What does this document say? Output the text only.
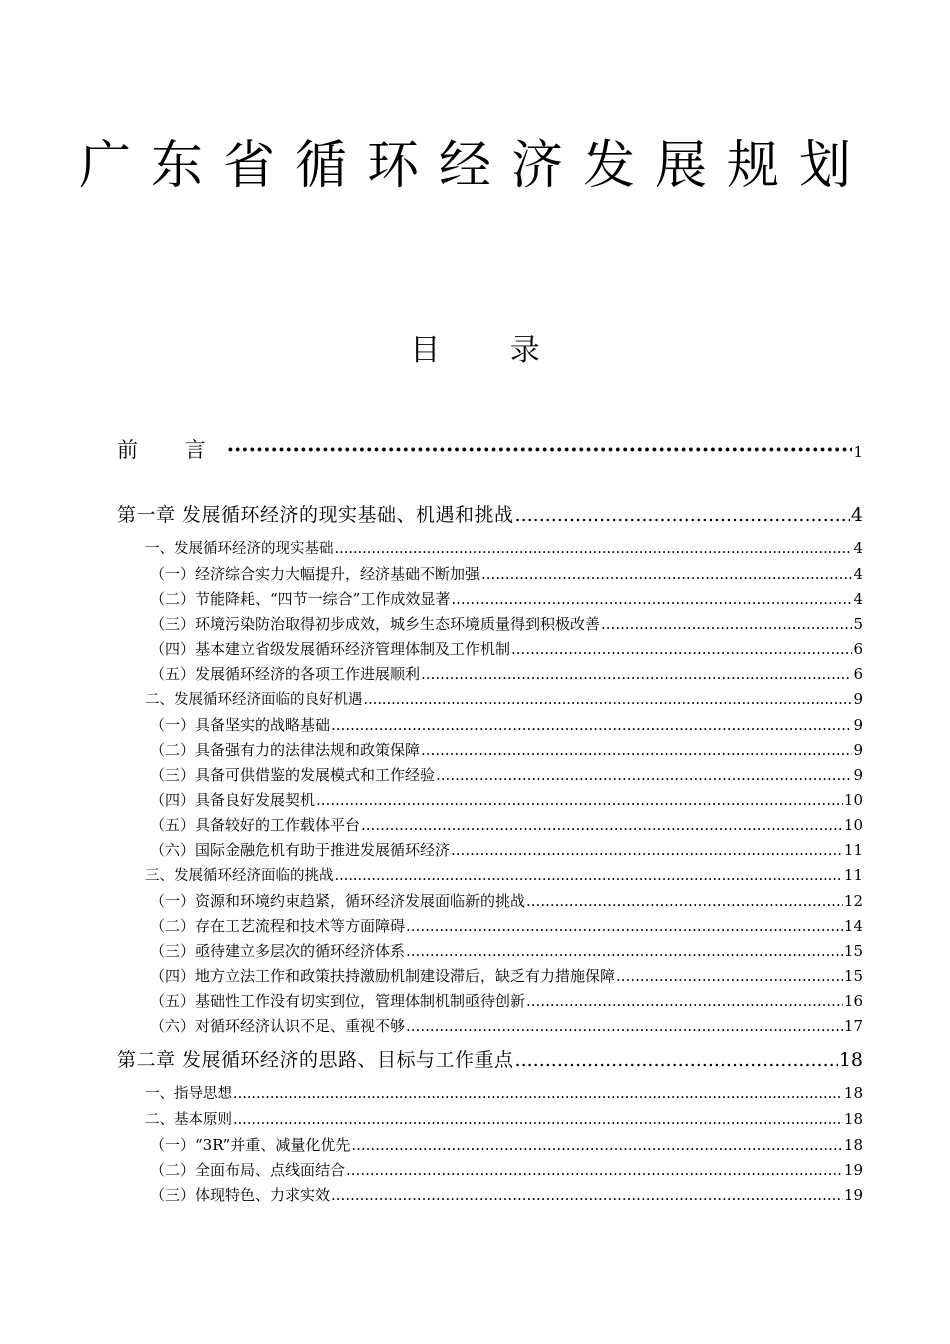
广东省循环经济发展规划
目 录
前 言 ·····	1
第一章 发展循环经济的现实基础、机遇和挑战 .....	4
一、发展循环经济的现实基础 .....	4
（一）经济综合实力大幅提升，经济基础不断加强 .....	4
（二）节能降耗、“四节一综合”工作成效显著 .....	4
（三）环境污染防治取得初步成效，城乡生态环境质量得到积极改善 .....	5
（四）基本建立省级发展循环经济管理体制及工作机制 .....	6
（五）发展循环经济的各项工作进展顺利 .....	6
二、发展循环经济面临的良好机遇 .....	9
（一）具备坚实的战略基础 .....	9
（二）具备强有力的法律法规和政策保障 .....	9
（三）具备可供借鉴的发展模式和工作经验 .....	9
（四）具备良好发展契机 .....	10
（五）具备较好的工作载体平台 .....	10
（六）国际金融危机有助于推进发展循环经济 .....	11
三、发展循环经济面临的挑战 .....	11
（一）资源和环境约束趋紧，循环经济发展面临新的挑战 .....	12
（二）存在工艺流程和技术等方面障碍 .....	14
（三）亟待建立多层次的循环经济体系 .....	15
（四）地方立法工作和政策扶持激励机制建设滞后，缺乏有力措施保障 .....	15
（五）基础性工作没有切实到位，管理体制机制亟待创新 .....	16
（六）对循环经济认识不足、重视不够 .....	17
第二章 发展循环经济的思路、目标与工作重点 .....	18
一、指导思想 .....	18
二、基本原则 .....	18
（一）“3R”并重、减量化优先 .....	18
（二）全面布局、点线面结合 .....	19
（三）体现特色、力求实效 .....	19
